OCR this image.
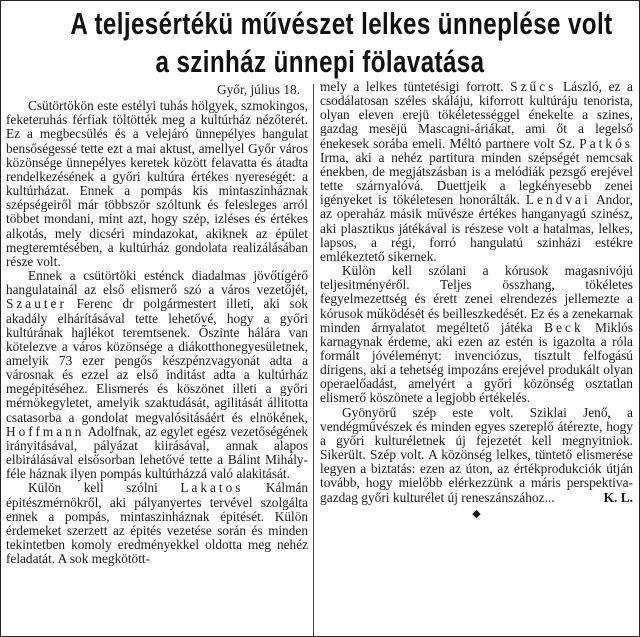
A teljesértékü művészet lelkes ünneplése volt
a szinház ünnepi fölavatása
Győr, július 18.

Csütörtökön este estélyi tuhás hölgyek, szmokingos, feketeruhás férfiak töltötték meg a kultúrház nézőterét. Ez a megbecsülés és a velejáró ünnepélyes hangulat bensőségessé tette ezt a mai aktust, amellyel Győr város közönsége ünnepélyes keretek között felavatta és átadta rendelkezésének a győri kultúra értékes nyereségét: a kultúrházat. Ennek a pompás kis mintaszinháznak szépségeiről már többször szóltunk és felesleges arról többet mondani, mint azt, hogy szép, izléses és értékes alkotás, mely dicséri mindazokat, akiknek az épület megteremtésében, a kultúrház gondolata realizálásában része volt.

Ennek a csütörtöki esténck diadalmas jövőtígérő hangulatainál az első elismerő szó a város vezetőjét, Szauter Ferenc dr polgármestert illeti, aki sok akadály elhárításával tette lehetővé, hogy a győri kultúrának hajlékot teremtsenek. Őszinte hálára van kötelezve a város közönsége a diákotthonegyesületnek, amelyik 73 ezer pengős készpénzvagyonát adta a városnak és ezzel az első inditást adta a kultúrház megépitéséhez. Elismerés és köszönet illeti a győri mérnökegyletet, amelyik szaktudását, agilitását állitotta csatasorba a gondolat megvalósitásáért és elnökének, Hoffmann Adolfnak, az egylet egész vezetőségének irányitásával, pályázat kiirásával, annak alapos elbirálásával elsősorban lehetővé tette a Bálint Mihály-féle háznak ilyen pompás kultúrházzá való alakitását.

Külön kell szólni Lakatos Kálmán épitészmérnökről, aki pályanyertes tervével szolgálta ennek a pompás, mintaszinháznak épitését. Külön érdemeket szerzett az épités vezetése során és minden tekintetben komoly eredményekkel oldotta meg nehéz feladatát. A sok megkötött-

mely a lelkes tüntetésigi forrott. Szűcs László, ez a csodálatosan széles skáláju, kiforrott kultúráju tenorista, olyan eleven erejü tökéletességgel énekelte a szines, gazdag mesëjü Mascagni-áriákat, ami őt a legelső énekesek sorába emeli. Méltó partnere volt Sz. Patkós Irma, aki a nehéz partitura minden szépségét nemcsak énekben, de megjátszásban is a melódiák pezsgő erejével tette szárnyalóvá. Duettjeik a legkényesebb zenei igényeket is tökéletesen honorálták. Lendvai Andor, az operaház másik művésze értékes hanganyagú szinész, aki plasztikus játékával is részese volt a hatalmas, lelkes, lapsos, a régi, forró hangulatú szinházi estékre emlékeztető sikernek.

Külön kell szólani a kórusok magasnivójú teljesitményéről. Teljes összhang, tökéletes fegyelmezettség és érett zenei elrendezés jellemezte a kórusok működését és beilleszkedését. Ez és a zenekarnak minden árnyalatot megéltető játéka Beck Miklós karnagynak érdeme, aki ezen az estén is igazolta a róla formált jóvéleményt: invenciózus, tisztult felfogású dirigens, aki a tehetség impozáns erejével produkált olyan operaelőadást, amelyért a győri közönség osztatlan elismerő köszönete a legjobb értékelés.

Gyönyörű szép este volt. Sziklai Jenő, a vendégművészek és minden egyes szereplő átérezte, hogy a győri kulturéletnek új fejezetét kell megnyitniok. Sikerült. Szép volt. A közönség lelkes, tüntető elismerése legyen a biztatás: ezen az úton, az értékprodukciók útján tovább, hogy mielőbb elérkezzünk a máris perspektiva-gazdag győri kulturélet új reneszánszához...	K. L.

◆
